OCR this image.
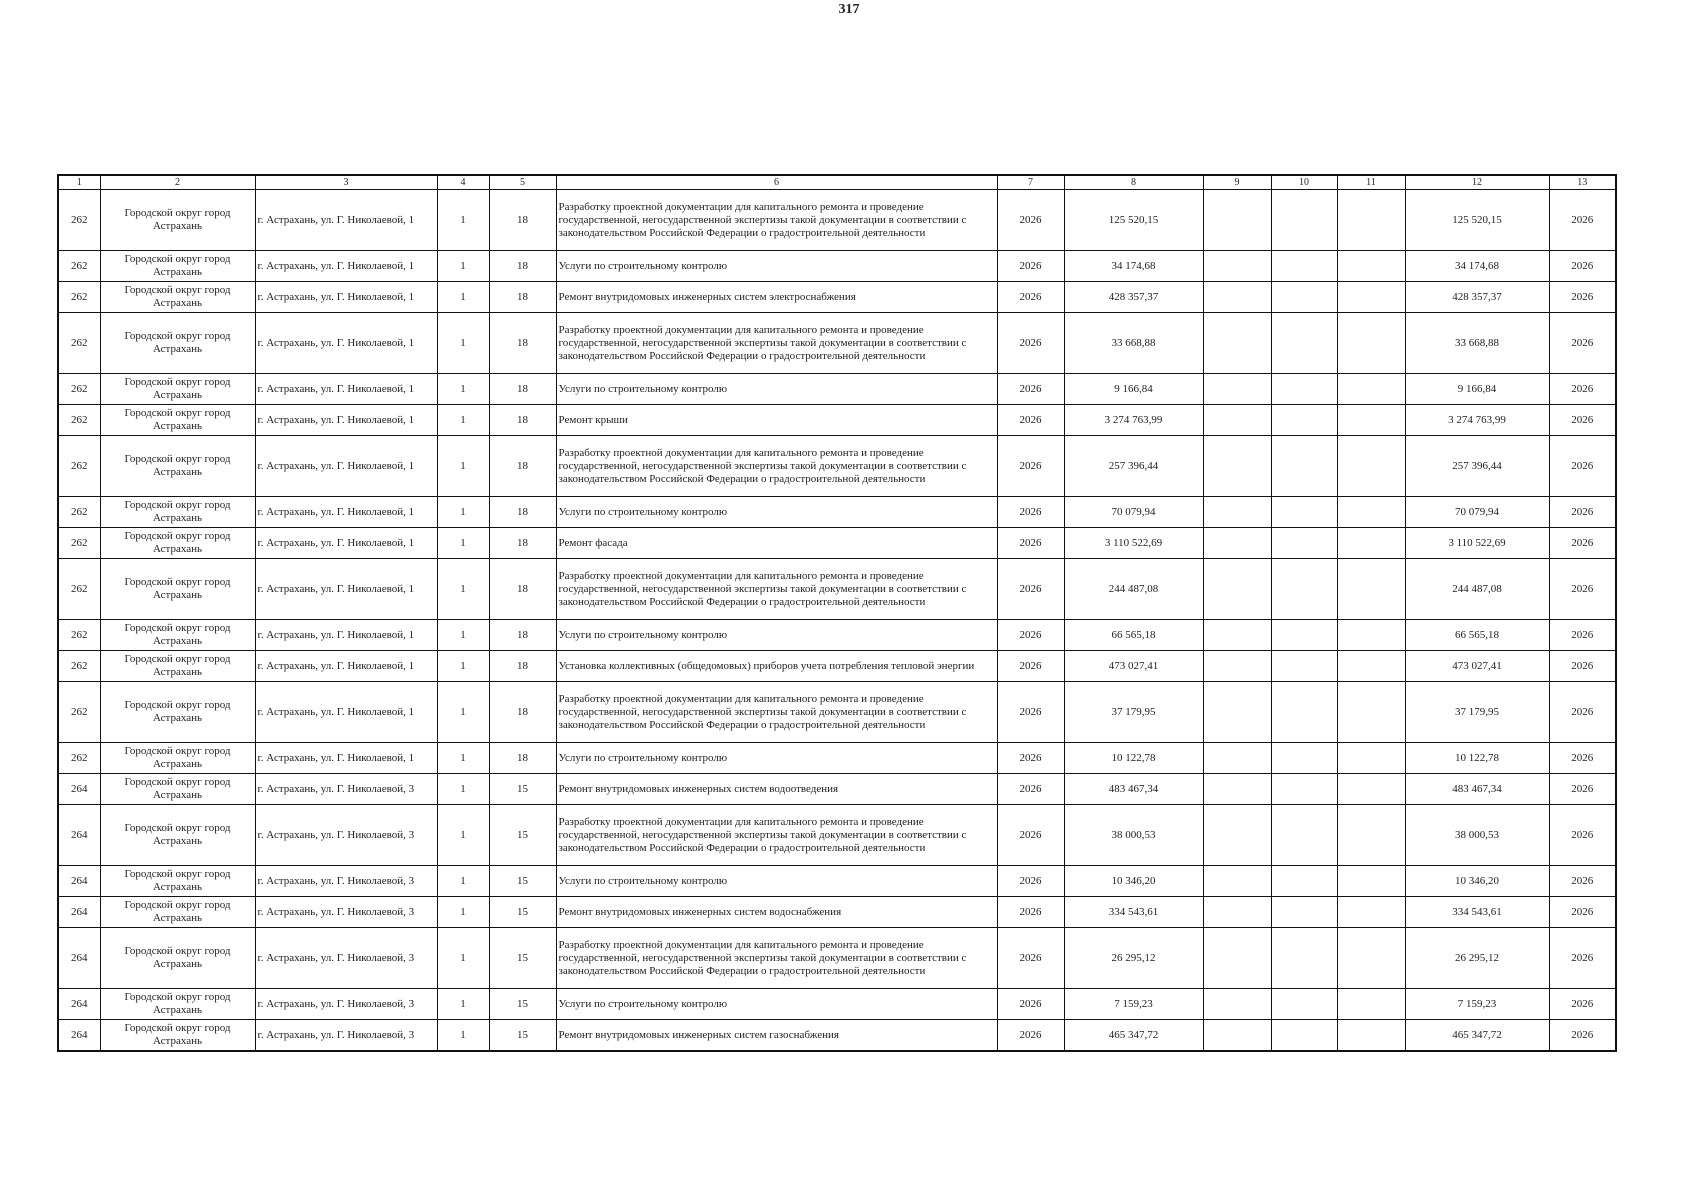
317
1	2	3	4	5	6	7	8	9	10	11	12	13
262	Городской округ город Астрахань	г. Астрахань, ул. Г. Николаевой, 1	1	18	Разработку проектной документации для капитального ремонта и проведение государственной, негосударственной экспертизы такой документации в соответствии с законодательством Российской Федерации о градостроительной деятельности	2026	125 520,15				125 520,15	2026
262	Городской округ город Астрахань	г. Астрахань, ул. Г. Николаевой, 1	1	18	Услуги по строительному контролю	2026	34 174,68				34 174,68	2026
262	Городской округ город Астрахань	г. Астрахань, ул. Г. Николаевой, 1	1	18	Ремонт внутридомовых инженерных систем электроснабжения	2026	428 357,37				428 357,37	2026
262	Городской округ город Астрахань	г. Астрахань, ул. Г. Николаевой, 1	1	18	Разработку проектной документации для капитального ремонта и проведение государственной, негосударственной экспертизы такой документации в соответствии с законодательством Российской Федерации о градостроительной деятельности	2026	33 668,88				33 668,88	2026
262	Городской округ город Астрахань	г. Астрахань, ул. Г. Николаевой, 1	1	18	Услуги по строительному контролю	2026	9 166,84				9 166,84	2026
262	Городской округ город Астрахань	г. Астрахань, ул. Г. Николаевой, 1	1	18	Ремонт крыши	2026	3 274 763,99				3 274 763,99	2026
262	Городской округ город Астрахань	г. Астрахань, ул. Г. Николаевой, 1	1	18	Разработку проектной документации для капитального ремонта и проведение государственной, негосударственной экспертизы такой документации в соответствии с законодательством Российской Федерации о градостроительной деятельности	2026	257 396,44				257 396,44	2026
262	Городской округ город Астрахань	г. Астрахань, ул. Г. Николаевой, 1	1	18	Услуги по строительному контролю	2026	70 079,94				70 079,94	2026
262	Городской округ город Астрахань	г. Астрахань, ул. Г. Николаевой, 1	1	18	Ремонт фасада	2026	3 110 522,69				3 110 522,69	2026
262	Городской округ город Астрахань	г. Астрахань, ул. Г. Николаевой, 1	1	18	Разработку проектной документации для капитального ремонта и проведение государственной, негосударственной экспертизы такой документации в соответствии с законодательством Российской Федерации о градостроительной деятельности	2026	244 487,08				244 487,08	2026
262	Городской округ город Астрахань	г. Астрахань, ул. Г. Николаевой, 1	1	18	Услуги по строительному контролю	2026	66 565,18				66 565,18	2026
262	Городской округ город Астрахань	г. Астрахань, ул. Г. Николаевой, 1	1	18	Установка коллективных (общедомовых) приборов учета потребления тепловой энергии	2026	473 027,41				473 027,41	2026
262	Городской округ город Астрахань	г. Астрахань, ул. Г. Николаевой, 1	1	18	Разработку проектной документации для капитального ремонта и проведение государственной, негосударственной экспертизы такой документации в соответствии с законодательством Российской Федерации о градостроительной деятельности	2026	37 179,95				37 179,95	2026
262	Городской округ город Астрахань	г. Астрахань, ул. Г. Николаевой, 1	1	18	Услуги по строительному контролю	2026	10 122,78				10 122,78	2026
264	Городской округ город Астрахань	г. Астрахань, ул. Г. Николаевой, 3	1	15	Ремонт внутридомовых инженерных систем водоотведения	2026	483 467,34				483 467,34	2026
264	Городской округ город Астрахань	г. Астрахань, ул. Г. Николаевой, 3	1	15	Разработку проектной документации для капитального ремонта и проведение государственной, негосударственной экспертизы такой документации в соответствии с законодательством Российской Федерации о градостроительной деятельности	2026	38 000,53				38 000,53	2026
264	Городской округ город Астрахань	г. Астрахань, ул. Г. Николаевой, 3	1	15	Услуги по строительному контролю	2026	10 346,20				10 346,20	2026
264	Городской округ город Астрахань	г. Астрахань, ул. Г. Николаевой, 3	1	15	Ремонт внутридомовых инженерных систем водоснабжения	2026	334 543,61				334 543,61	2026
264	Городской округ город Астрахань	г. Астрахань, ул. Г. Николаевой, 3	1	15	Разработку проектной документации для капитального ремонта и проведение государственной, негосударственной экспертизы такой документации в соответствии с законодательством Российской Федерации о градостроительной деятельности	2026	26 295,12				26 295,12	2026
264	Городской округ город Астрахань	г. Астрахань, ул. Г. Николаевой, 3	1	15	Услуги по строительному контролю	2026	7 159,23				7 159,23	2026
264	Городской округ город Астрахань	г. Астрахань, ул. Г. Николаевой, 3	1	15	Ремонт внутридомовых инженерных систем газоснабжения	2026	465 347,72				465 347,72	2026
